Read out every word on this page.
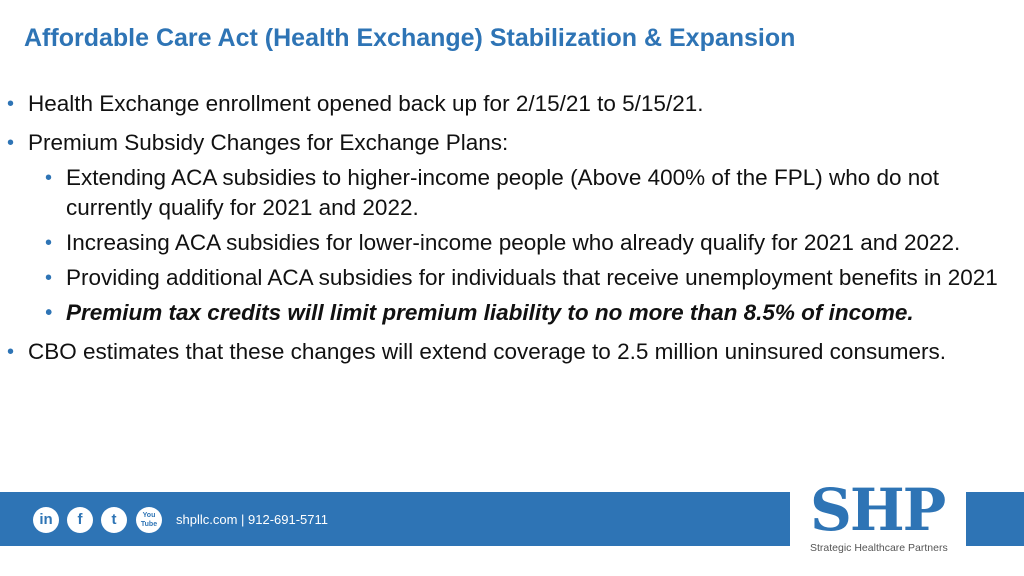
Affordable Care Act (Health Exchange) Stabilization & Expansion
• Health Exchange enrollment opened back up for 2/15/21 to 5/15/21.
• Premium Subsidy Changes for Exchange Plans:
• Extending ACA subsidies to higher-income people (Above 400% of the FPL) who do not currently qualify for 2021 and 2022.
• Increasing ACA subsidies for lower-income people who already qualify for 2021 and 2022.
• Providing additional ACA subsidies for individuals that receive unemployment benefits in 2021
• Premium tax credits will limit premium liability to no more than 8.5% of income.
• CBO estimates that these changes will extend coverage to 2.5 million uninsured consumers.
in	f	t	You Tube	shpllc.com | 912-691-5711	SHP
Strategic Healthcare Partners
